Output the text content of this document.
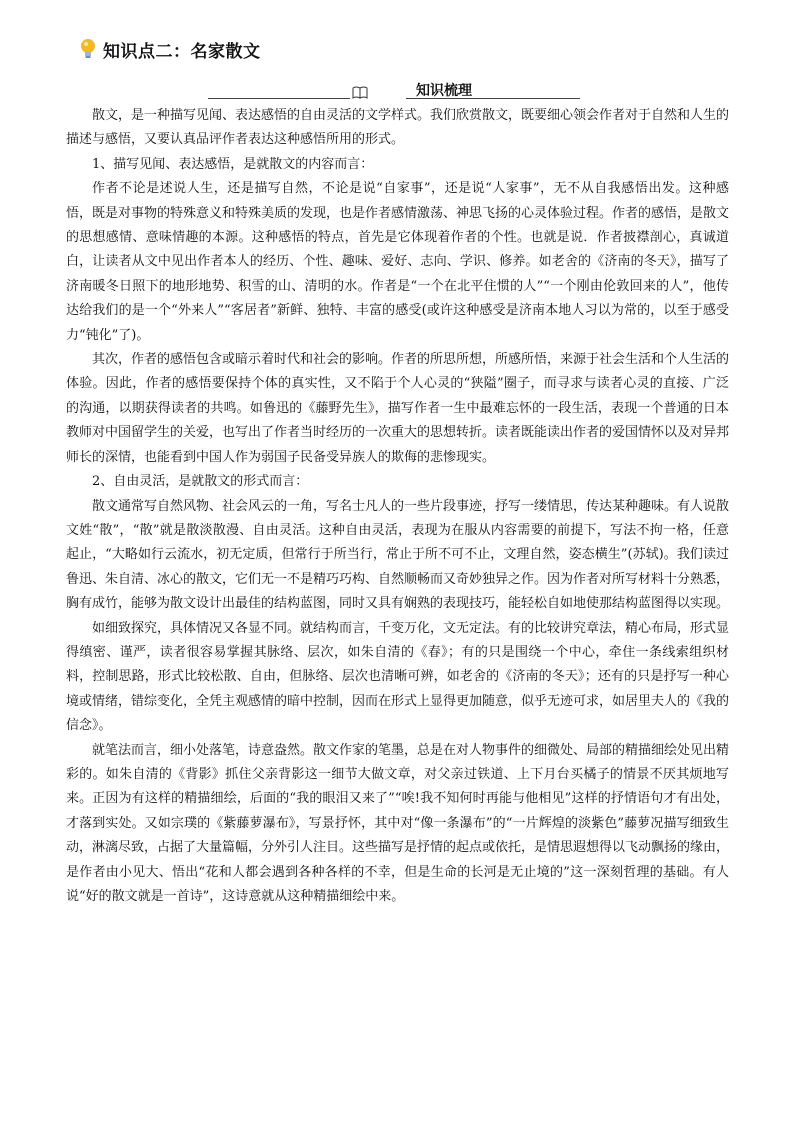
知识点二：名家散文
知识梳理

散文，是一种描写见闻、表达感悟的自由灵活的文学样式。我们欣赏散文，既要细心领会作者对于自然和人生的描述与感悟，又要认真品评作者表达这种感悟所用的形式。

1、描写见闻、表达感悟，是就散文的内容而言：

作者不论是述说人生，还是描写自然，不论是说“自家事”，还是说“人家事”，无不从自我感悟出发。这种感悟，既是对事物的特殊意义和特殊美质的发现，也是作者感情激荡、神思飞扬的心灵体验过程。作者的感悟，是散文的思想感情、意味情趣的本源。这种感悟的特点，首先是它体现着作者的个性。也就是说．作者披襟剖心，真诚道白，让读者从文中见出作者本人的经历、个性、趣味、爱好、志向、学识、修养。如老舍的《济南的冬天》，描写了济南暖冬日照下的地形地势、积雪的山、清明的水。作者是“一个在北平住惯的人”“一个刚由伦敦回来的人”，他传达给我们的是一个“外来人”“客居者”新鲜、独特、丰富的感受(或许这种感受是济南本地人习以为常的，以至于感受力“钝化”了)。

其次，作者的感悟包含或暗示着时代和社会的影响。作者的所思所想，所感所悟，来源于社会生活和个人生活的体验。因此，作者的感悟要保持个体的真实性，又不陷于个人心灵的“狭隘”圈子，而寻求与读者心灵的直接、广泛的沟通，以期获得读者的共鸣。如鲁迅的《藤野先生》，描写作者一生中最难忘怀的一段生活，表现一个普通的日本教师对中国留学生的关爱，也写出了作者当时经历的一次重大的思想转折。读者既能读出作者的爱国情怀以及对异邦师长的深情，也能看到中国人作为弱国子民备受异族人的欺侮的悲惨现实。

2、自由灵活，是就散文的形式而言：

散文通常写自然风物、社会风云的一角，写名士凡人的一些片段事迹，抒写一缕情思，传达某种趣味。有人说散文姓“散”，“散”就是散淡散漫、自由灵活。这种自由灵活，表现为在服从内容需要的前提下，写法不拘一格，任意起止，“大略如行云流水，初无定质，但常行于所当行，常止于所不可不止，文理自然，姿态横生”(苏轼)。我们读过鲁迅、朱自清、冰心的散文，它们无一不是精巧巧构、自然顺畅而又奇妙独异之作。因为作者对所写材料十分熟悉，胸有成竹，能够为散文设计出最佳的结构蓝图，同时又具有娴熟的表现技巧，能轻松自如地使那结构蓝图得以实现。

如细致探究，具体情况又各显不同。就结构而言，千变万化，文无定法。有的比较讲究章法，精心布局，形式显得缜密、谨严，读者很容易掌握其脉络、层次，如朱自清的《春》；有的只是围绕一个中心，牵住一条线索组织材料，控制思路，形式比较松散、自由，但脉络、层次也清晰可辨，如老舍的《济南的冬天》；还有的只是抒写一种心境或情绪，错综变化，全凭主观感情的暗中控制，因而在形式上显得更加随意，似乎无迹可求，如居里夫人的《我的信念》。

就笔法而言，细小处落笔，诗意盎然。散文作家的笔墨，总是在对人物事件的细微处、局部的精描细绘处见出精彩的。如朱自清的《背影》抓住父亲背影这一细节大做文章，对父亲过铁道、上下月台买橘子的情景不厌其烦地写来。正因为有这样的精描细绘，后面的“我的眼泪又来了”“唉!我不知何时再能与他相见”这样的抒情语句才有出处，才落到实处。又如宗璞的《紫藤萝瀑布》，写景抒怀，其中对“像一条瀑布”的“一片辉煌的淡紫色”藤萝况描写细致生动，淋漓尽致，占据了大量篇幅，分外引人注目。这些描写是抒情的起点或依托，是情思遐想得以飞动飘扬的缘由，是作者由小见大、悟出“花和人都会遇到各种各样的不幸，但是生命的长河是无止境的”这一深刻哲理的基础。有人说“好的散文就是一首诗”，这诗意就从这种精描细绘中来。
